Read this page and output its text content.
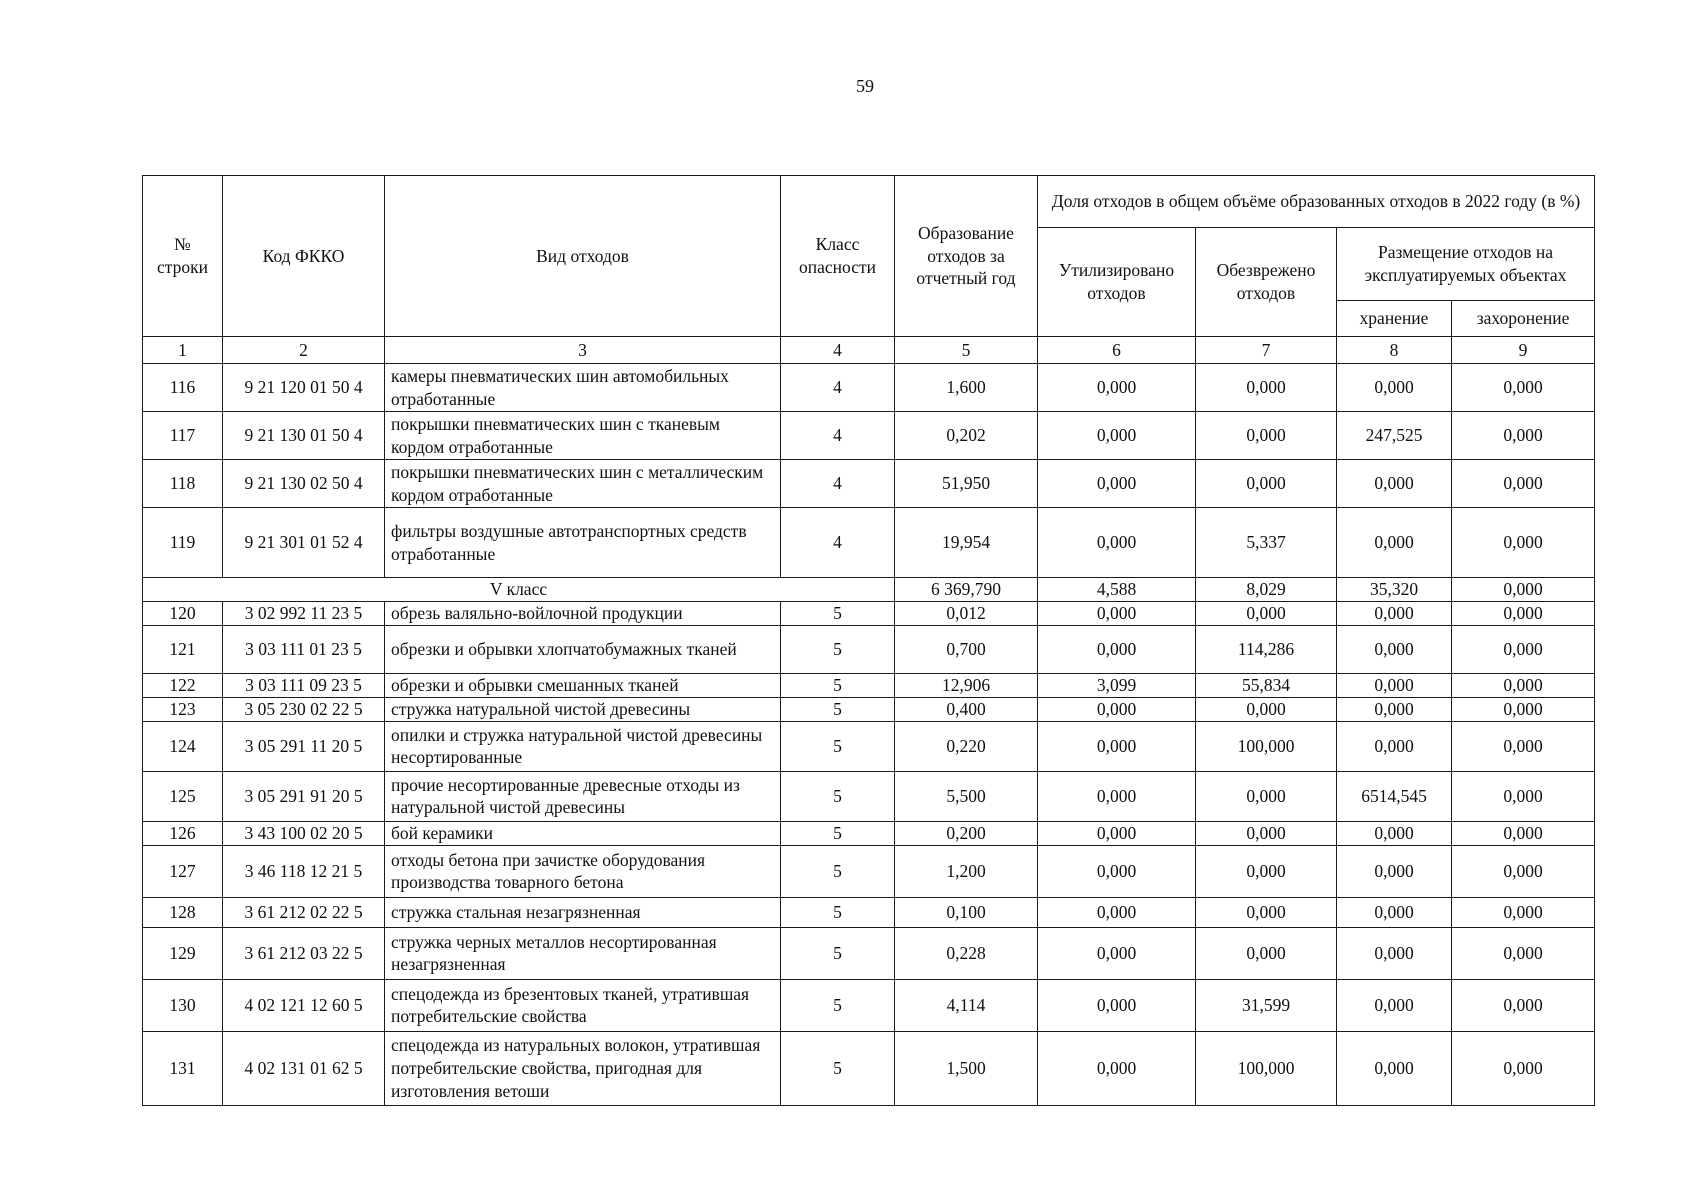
59
№ строки	Код ФККО	Вид отходов	Класс опасности	Образование отходов за отчетный год	Доля отходов в общем объёме образованных отходов в 2022 году (в %)			
					Утилизировано отходов	Обезврежено отходов	Размещение отходов на эксплуатируемых объектах	
							хранение	захоронение
1	2	3	4	5	6	7	8	9
116	9 21 120 01 50 4	камеры пневматических шин автомобильных отработанные	4	1,600	0,000	0,000	0,000	0,000
117	9 21 130 01 50 4	покрышки пневматических шин с тканевым кордом отработанные	4	0,202	0,000	0,000	247,525	0,000
118	9 21 130 02 50 4	покрышки пневматических шин с металлическим кордом отработанные	4	51,950	0,000	0,000	0,000	0,000
119	9 21 301 01 52 4	фильтры воздушные автотранспортных средств отработанные	4	19,954	0,000	5,337	0,000	0,000
V класс				6 369,790	4,588	8,029	35,320	0,000
120	3 02 992 11 23 5	обрезь валяльно-войлочной продукции	5	0,012	0,000	0,000	0,000	0,000
121	3 03 111 01 23 5	обрезки и обрывки хлопчатобумажных тканей	5	0,700	0,000	114,286	0,000	0,000
122	3 03 111 09 23 5	обрезки и обрывки смешанных тканей	5	12,906	3,099	55,834	0,000	0,000
123	3 05 230 02 22 5	стружка натуральной чистой древесины	5	0,400	0,000	0,000	0,000	0,000
124	3 05 291 11 20 5	опилки и стружка натуральной чистой древесины несортированные	5	0,220	0,000	100,000	0,000	0,000
125	3 05 291 91 20 5	прочие несортированные древесные отходы из натуральной чистой древесины	5	5,500	0,000	0,000	6514,545	0,000
126	3 43 100 02 20 5	бой керамики	5	0,200	0,000	0,000	0,000	0,000
127	3 46 118 12 21 5	отходы бетона при зачистке оборудования производства товарного бетона	5	1,200	0,000	0,000	0,000	0,000
128	3 61 212 02 22 5	стружка стальная незагрязненная	5	0,100	0,000	0,000	0,000	0,000
129	3 61 212 03 22 5	стружка черных металлов несортированная незагрязненная	5	0,228	0,000	0,000	0,000	0,000
130	4 02 121 12 60 5	спецодежда из брезентовых тканей, утратившая потребительские свойства	5	4,114	0,000	31,599	0,000	0,000
131	4 02 131 01 62 5	спецодежда из натуральных волокон, утратившая потребительские свойства, пригодная для изготовления ветоши	5	1,500	0,000	100,000	0,000	0,000
